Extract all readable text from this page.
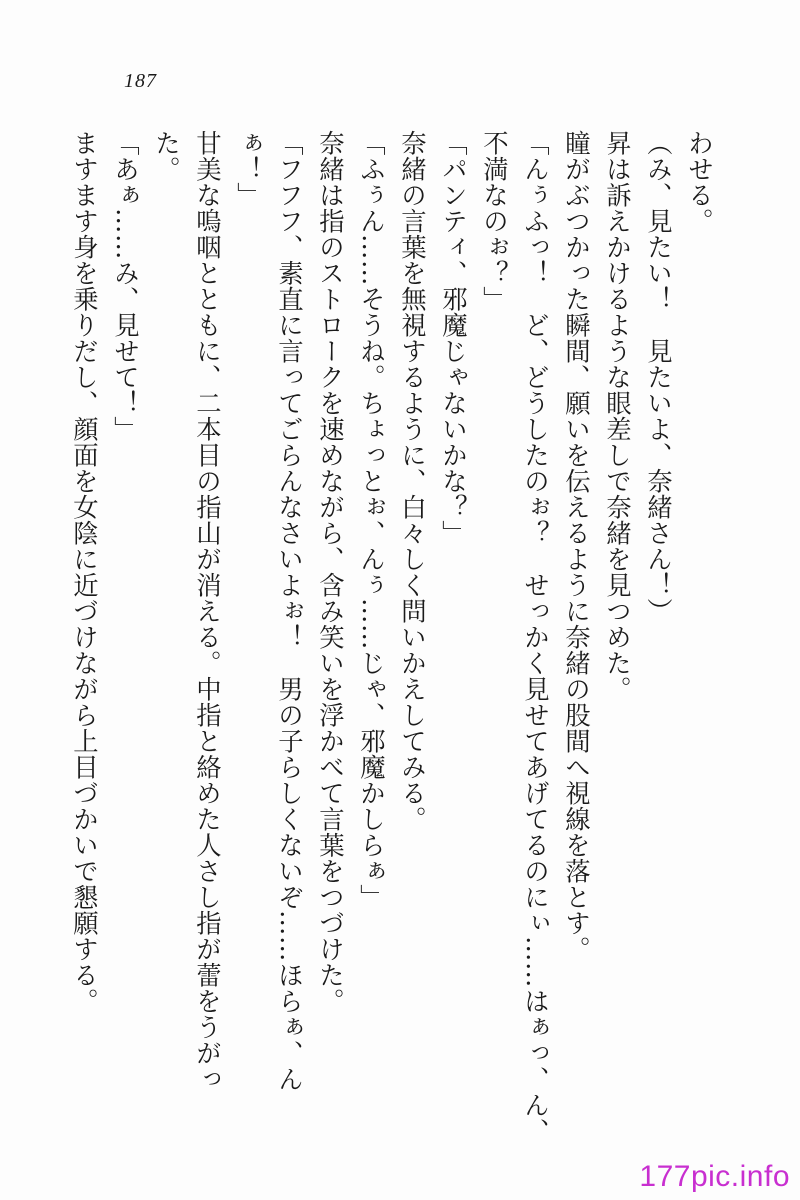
187
わせる。
（み、見たい！　見たいよ、奈緒さん！）
昇は訴えかけるような眼差しで奈緒を見つめた。
瞳がぶつかった瞬間、願いを伝えるように奈緒の股間へ視線を落とす。
「んぅふっ！　ど、どうしたのぉ？　せっかく見せてあげてるのにぃ……はぁっ、ん、
不満なのぉ？」
「パンティ、邪魔じゃないかな？」
奈緒の言葉を無視するように、白々しく問いかえしてみる。
「ふぅん……そうね。ちょっとぉ、んぅ……じゃ、邪魔かしらぁ」
奈緒は指のストロークを速めながら、含み笑いを浮かべて言葉をつづけた。
「フフフ、素直に言ってごらんなさいよぉ！　男の子らしくないぞ……ほらぁ、ん
ぁ！」
甘美な嗚咽とともに、二本目の指山が消える。中指と絡めた人さし指が蕾をうがっ
た。
「あぁ……み、見せて！」
ますます身を乗りだし、顔面を女陰に近づけながら上目づかいで懇願する。
177pic.info
